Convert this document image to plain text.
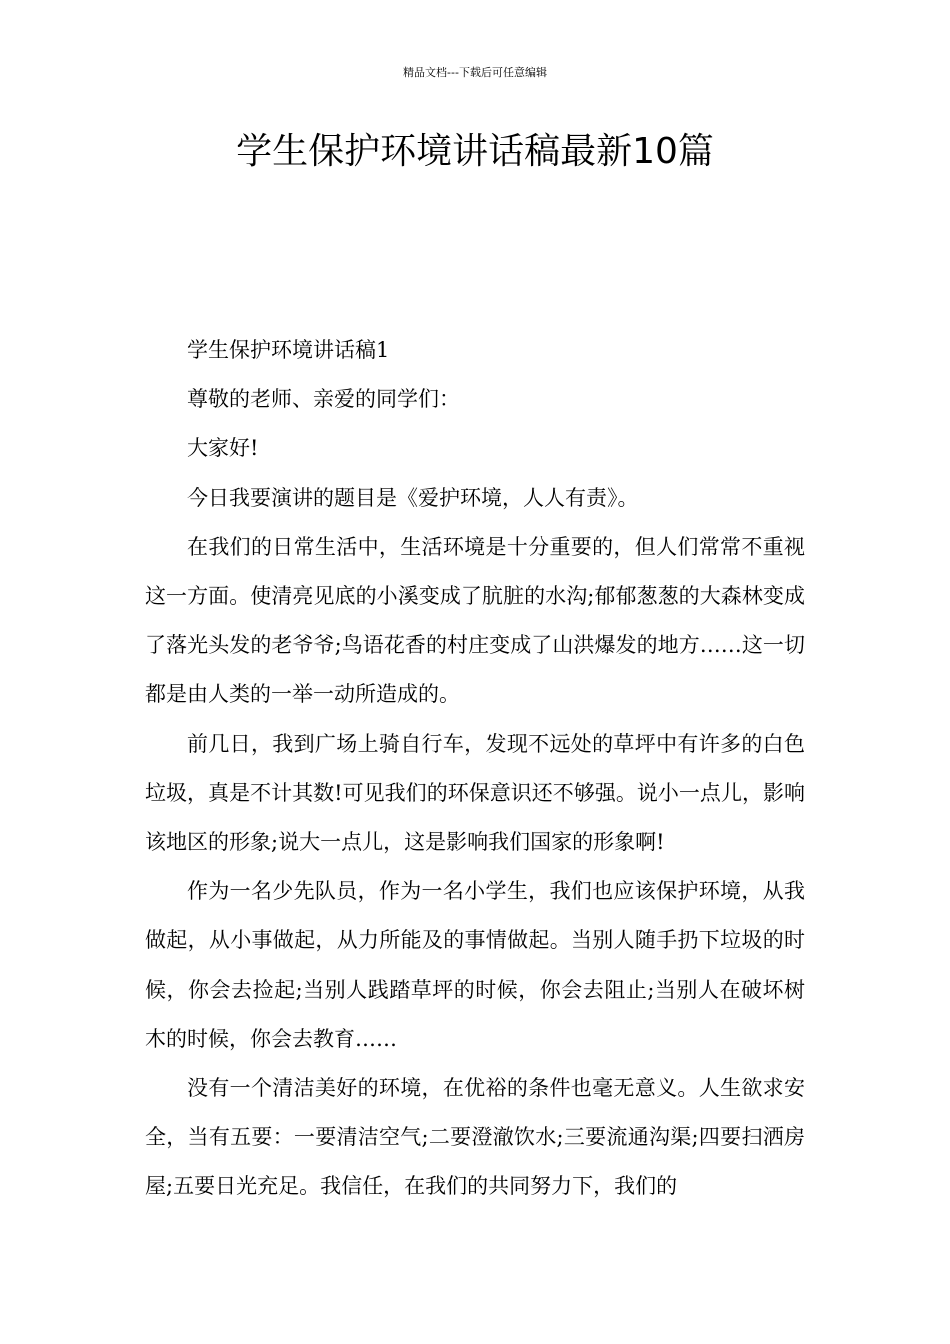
精品文档---下载后可任意编辑
学生保护环境讲话稿最新10篇

学生保护环境讲话稿1

尊敬的老师、亲爱的同学们：

大家好!

今日我要演讲的题目是《爱护环境，人人有责》。

在我们的日常生活中，生活环境是十分重要的，但人们常常不重视这一方面。使清亮见底的小溪变成了肮脏的水沟;郁郁葱葱的大森林变成了落光头发的老爷爷;鸟语花香的村庄变成了山洪爆发的地方……这一切都是由人类的一举一动所造成的。

前几日，我到广场上骑自行车，发现不远处的草坪中有许多的白色垃圾，真是不计其数!可见我们的环保意识还不够强。说小一点儿，影响该地区的形象;说大一点儿，这是影响我们国家的形象啊!

作为一名少先队员，作为一名小学生，我们也应该保护环境，从我做起，从小事做起，从力所能及的事情做起。当别人随手扔下垃圾的时候，你会去捡起;当别人践踏草坪的时候，你会去阻止;当别人在破坏树木的时候，你会去教育……

没有一个清洁美好的环境，在优裕的条件也毫无意义。人生欲求安全，当有五要：一要清洁空气;二要澄澈饮水;三要流通沟渠;四要扫洒房屋;五要日光充足。我信任，在我们的共同努力下，我们的
